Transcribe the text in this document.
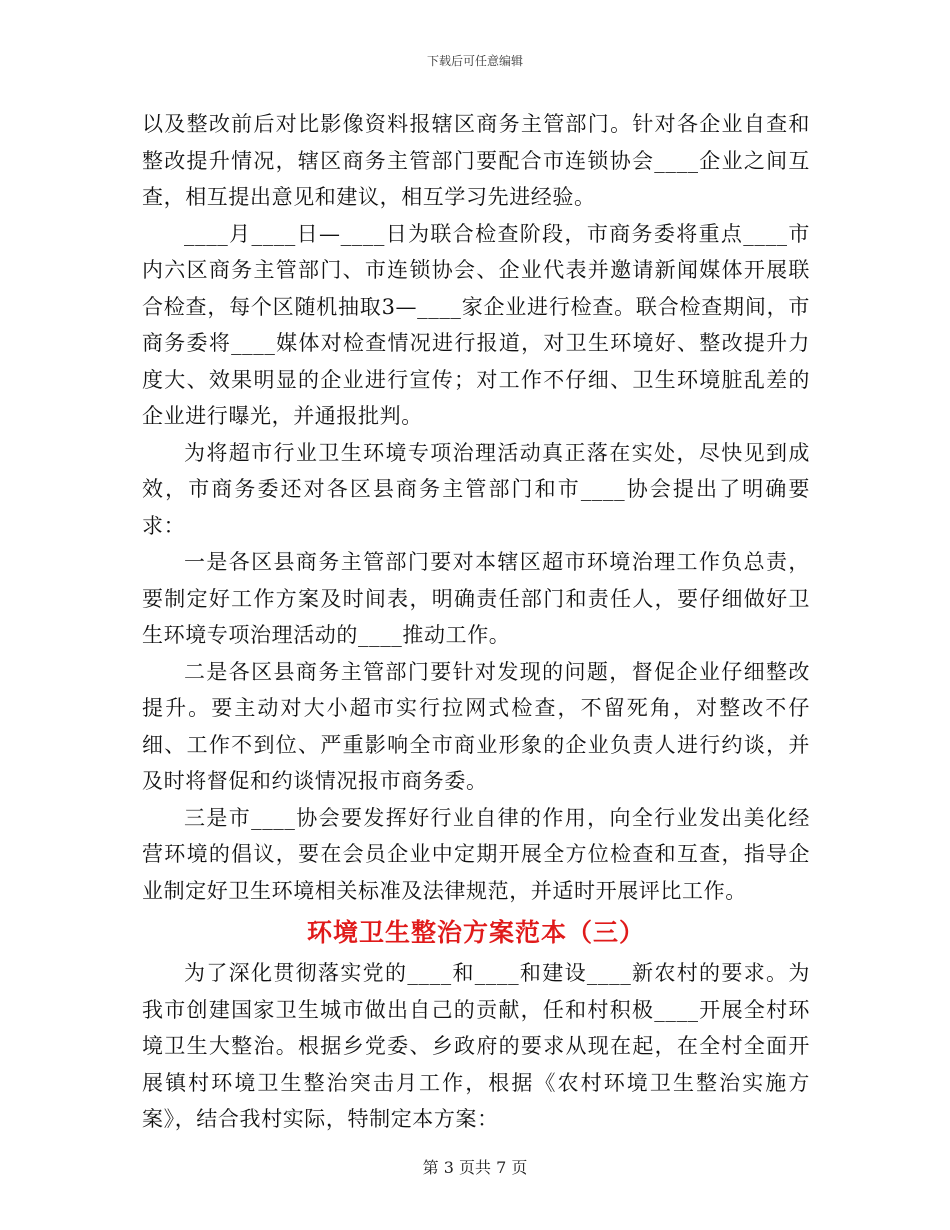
下载后可任意编辑

以及整改前后对比影像资料报辖区商务主管部门。针对各企业自查和整改提升情况，辖区商务主管部门要配合市连锁协会____企业之间互查，相互提出意见和建议，相互学习先进经验。

____月____日—____日为联合检查阶段，市商务委将重点____市内六区商务主管部门、市连锁协会、企业代表并邀请新闻媒体开展联合检查，每个区随机抽取3—____家企业进行检查。联合检查期间，市商务委将____媒体对检查情况进行报道，对卫生环境好、整改提升力度大、效果明显的企业进行宣传；对工作不仔细、卫生环境脏乱差的企业进行曝光，并通报批判。

为将超市行业卫生环境专项治理活动真正落在实处，尽快见到成效，市商务委还对各区县商务主管部门和市____协会提出了明确要求：

一是各区县商务主管部门要对本辖区超市环境治理工作负总责，要制定好工作方案及时间表，明确责任部门和责任人，要仔细做好卫生环境专项治理活动的____推动工作。

二是各区县商务主管部门要针对发现的问题，督促企业仔细整改提升。要主动对大小超市实行拉网式检查，不留死角，对整改不仔细、工作不到位、严重影响全市商业形象的企业负责人进行约谈，并及时将督促和约谈情况报市商务委。

三是市____协会要发挥好行业自律的作用，向全行业发出美化经营环境的倡议，要在会员企业中定期开展全方位检查和互查，指导企业制定好卫生环境相关标准及法律规范，并适时开展评比工作。

环境卫生整治方案范本（三）

为了深化贯彻落实党的____和____和建设____新农村的要求。为我市创建国家卫生城市做出自己的贡献，任和村积极____开展全村环境卫生大整治。根据乡党委、乡政府的要求从现在起，在全村全面开展镇村环境卫生整治突击月工作，根据《农村环境卫生整治实施方案》，结合我村实际，特制定本方案：

第 3 页共 7 页
